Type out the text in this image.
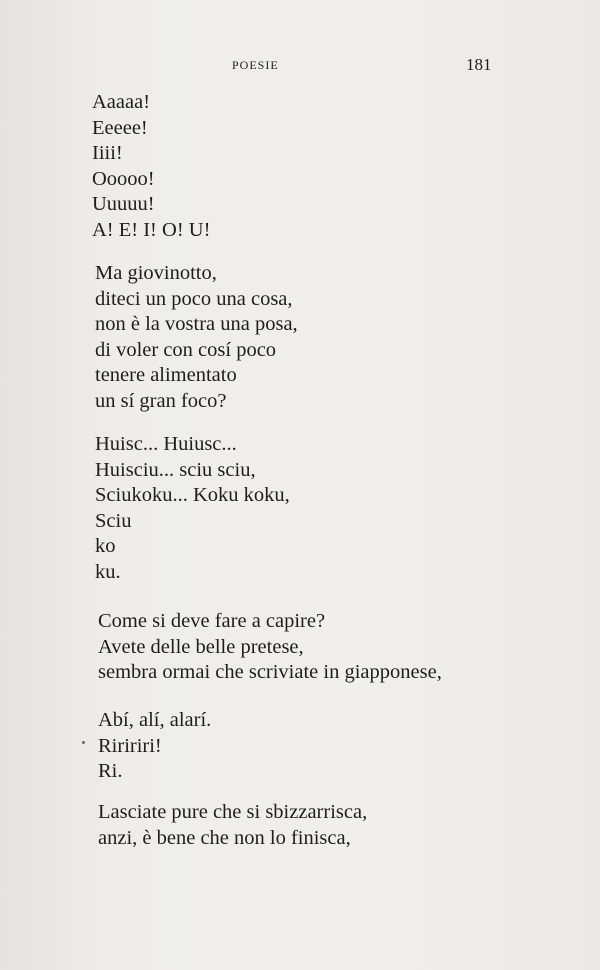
POESIE	181
Aaaaa!
Eeeee!
Iiii!
Ooooo!
Uuuuu!
A! E! I! O! U!
Ma giovinotto,
diteci un poco una cosa,
non è la vostra una posa,
di voler con cosí poco
tenere alimentato
un sí gran foco?
Huisc... Huiusc...
Huisciu... sciu sciu,
Sciukoku... Koku koku,
Sciu
ko
ku.
Come si deve fare a capire?
Avete delle belle pretese,
sembra ormai che scriviate in giapponese,
Abí, alí, alarí.
Riririri!
Ri.
Lasciate pure che si sbizzarrisca,
anzi, è bene che non lo finisca,
